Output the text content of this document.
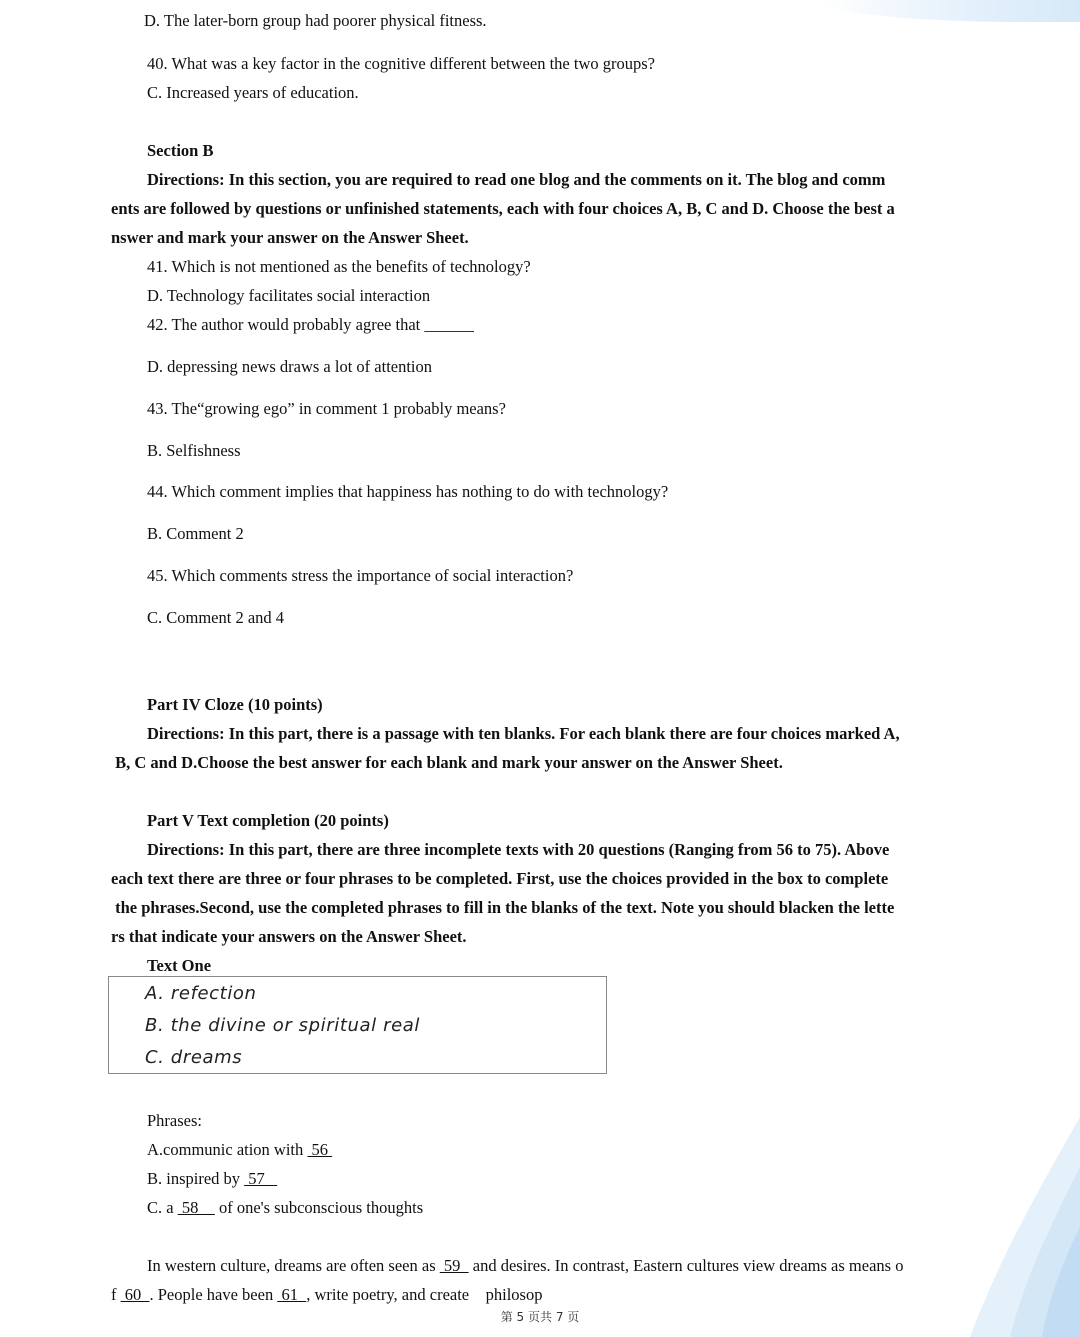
D. The later-born group had poorer physical fitness.
40. What was a key factor in the cognitive different between the two groups?
C. Increased years of education.
Section B
Directions: In this section, you are required to read one blog and the comments on it. The blog and comm
ents are followed by questions or unfinished statements, each with four choices A, B, C and D. Choose the best a
nswer and mark your answer on the Answer Sheet.
41. Which is not mentioned as the benefits of technology?
D. Technology facilitates social interaction
42. The author would probably agree that ______
D. depressing news draws a lot of attention
43. The“growing ego” in comment 1 probably means?
B. Selfishness
44. Which comment implies that happiness has nothing to do with technology?
B. Comment 2
45. Which comments stress the importance of social interaction?
C. Comment 2 and 4
Part IV Cloze (10 points)
Directions: In this part, there is a passage with ten blanks. For each blank there are four choices marked A,
B, C and D.Choose the best answer for each blank and mark your answer on the Answer Sheet.
Part V Text completion (20 points)
Directions: In this part, there are three incomplete texts with 20 questions (Ranging from 56 to 75). Above
each text there are three or four phrases to be completed. First, use the choices provided in the box to complete
the phrases.Second, use the completed phrases to fill in the blanks of the text. Note you should blacken the lette
rs that indicate your answers on the Answer Sheet.
Text One
A. refection
B. the divine or spiritual real
C. dreams
Phrases:
A.communic ation with  56
B. inspired by  57
C. a  58     of one's subconscious thoughts
In western culture, dreams are often seen as  59   and desires. In contrast, Eastern cultures view dreams as means o
f  60  . People have been  61  , write poetry, and create    philosop
第 5 页共 7 页
